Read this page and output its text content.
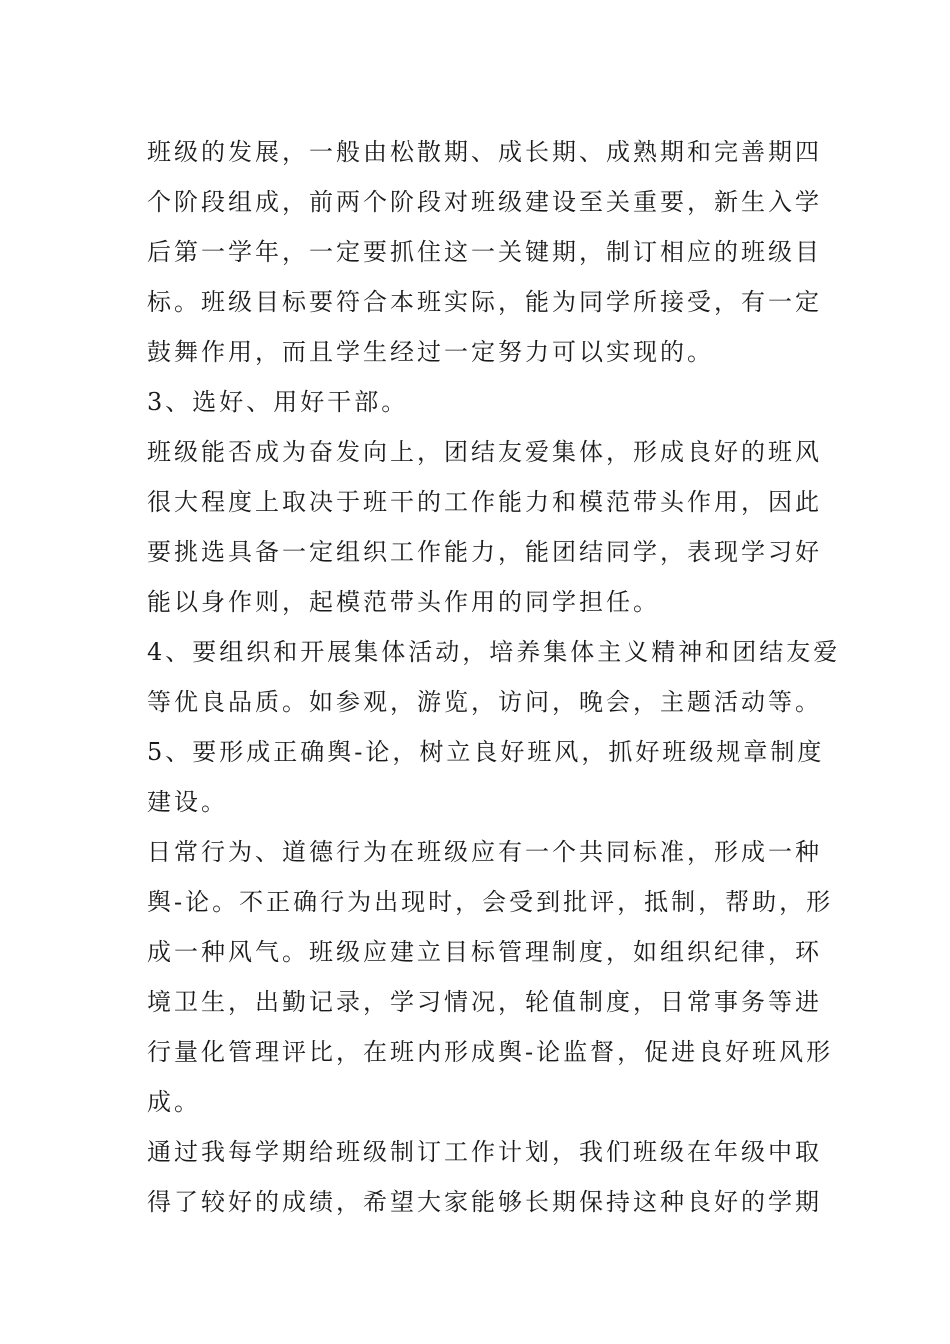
班级的发展，一般由松散期、成长期、成熟期和完善期四
个阶段组成，前两个阶段对班级建设至关重要，新生入学
后第一学年，一定要抓住这一关键期，制订相应的班级目
标。班级目标要符合本班实际，能为同学所接受，有一定
鼓舞作用，而且学生经过一定努力可以实现的。
3、选好、用好干部。
班级能否成为奋发向上，团结友爱集体，形成良好的班风
很大程度上取决于班干的工作能力和模范带头作用，因此
要挑选具备一定组织工作能力，能团结同学，表现学习好
能以身作则，起模范带头作用的同学担任。
4、要组织和开展集体活动，培养集体主义精神和团结友爱
等优良品质。如参观，游览，访问，晚会，主题活动等。
5、要形成正确舆-论，树立良好班风，抓好班级规章制度
建设。
日常行为、道德行为在班级应有一个共同标准，形成一种
舆-论。不正确行为出现时，会受到批评，抵制，帮助，形
成一种风气。班级应建立目标管理制度，如组织纪律，环
境卫生，出勤记录，学习情况，轮值制度，日常事务等进
行量化管理评比，在班内形成舆-论监督，促进良好班风形
成。
通过我每学期给班级制订工作计划，我们班级在年级中取
得了较好的成绩，希望大家能够长期保持这种良好的学期
